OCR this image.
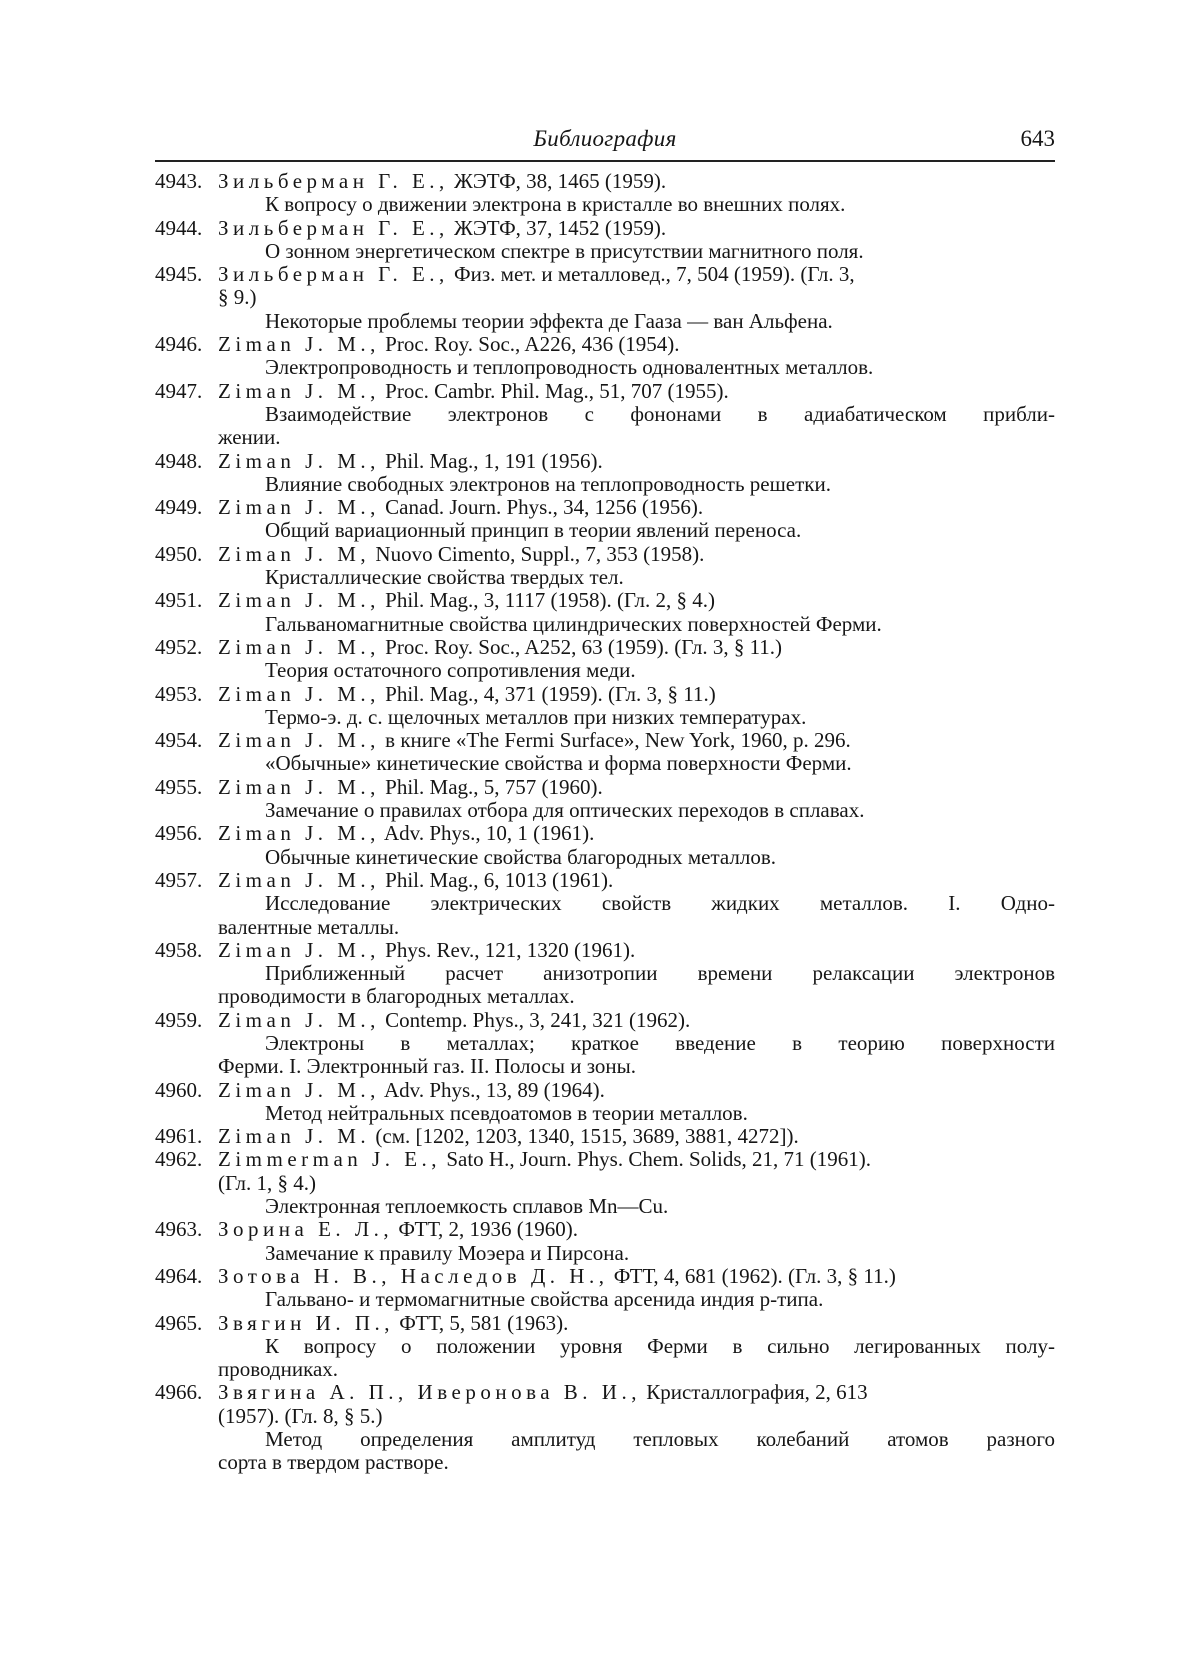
Библиография	643
4943. Зильберман Г. Е., ЖЭТФ, 38, 1465 (1959).
К вопросу о движении электрона в кристалле во внешних полях.
4944. Зильберман Г. Е., ЖЭТФ, 37, 1452 (1959).
О зонном энергетическом спектре в присутствии магнитного поля.
4945. Зильберман Г. Е., Физ. мет. и металловед., 7, 504 (1959). (Гл. 3,
§ 9.)
Некоторые проблемы теории эффекта де Гааза — ван Альфена.
4946. Ziman J. M., Proc. Roy. Soc., A226, 436 (1954).
Электропроводность и теплопроводность одновалентных металлов.
4947. Ziman J. M., Proc. Cambr. Phil. Mag., 51, 707 (1955).
Взаимодействие электронов с фононами в адиабатическом прибли-
жении.
4948. Ziman J. M., Phil. Mag., 1, 191 (1956).
Влияние свободных электронов на теплопроводность решетки.
4949. Ziman J. M., Canad. Journ. Phys., 34, 1256 (1956).
Общий вариационный принцип в теории явлений переноса.
4950. Ziman J. M, Nuovo Cimento, Suppl., 7, 353 (1958).
Кристаллические свойства твердых тел.
4951. Ziman J. M., Phil. Mag., 3, 1117 (1958). (Гл. 2, § 4.)
Гальваномагнитные свойства цилиндрических поверхностей Ферми.
4952. Ziman J. M., Proc. Roy. Soc., A252, 63 (1959). (Гл. 3, § 11.)
Теория остаточного сопротивления меди.
4953. Ziman J. M., Phil. Mag., 4, 371 (1959). (Гл. 3, § 11.)
Термо-э. д. с. щелочных металлов при низких температурах.
4954. Ziman J. M., в книге «The Fermi Surface», New York, 1960, p. 296.
«Обычные» кинетические свойства и форма поверхности Ферми.
4955. Ziman J. M., Phil. Mag., 5, 757 (1960).
Замечание о правилах отбора для оптических переходов в сплавах.
4956. Ziman J. M., Adv. Phys., 10, 1 (1961).
Обычные кинетические свойства благородных металлов.
4957. Ziman J. M., Phil. Mag., 6, 1013 (1961).
Исследование электрических свойств жидких металлов. I. Одно-
валентные металлы.
4958. Ziman J. M., Phys. Rev., 121, 1320 (1961).
Приближенный расчет анизотропии времени релаксации электронов
проводимости в благородных металлах.
4959. Ziman J. M., Contemp. Phys., 3, 241, 321 (1962).
Электроны в металлах; краткое введение в теорию поверхности
Ферми. I. Электронный газ. II. Полосы и зоны.
4960. Ziman J. M., Adv. Phys., 13, 89 (1964).
Метод нейтральных псевдоатомов в теории металлов.
4961. Ziman J. M. (см. [1202, 1203, 1340, 1515, 3689, 3881, 4272]).
4962. Zimmerman J. E., Sato H., Journ. Phys. Chem. Solids, 21, 71 (1961).
(Гл. 1, § 4.)
Электронная теплоемкость сплавов Mn—Cu.
4963. Зорина Е. Л., ФТТ, 2, 1936 (1960).
Замечание к правилу Моэера и Пирсона.
4964. Зотова Н. В., Наследов Д. Н., ФТТ, 4, 681 (1962). (Гл. 3, § 11.)
Гальвано- и термомагнитные свойства арсенида индия p-типа.
4965. Звягин И. П., ФТТ, 5, 581 (1963).
К вопросу о положении уровня Ферми в сильно легированных полу-
проводниках.
4966. Звягина А. П., Иверонова В. И., Кристаллография, 2, 613
(1957). (Гл. 8, § 5.)
Метод определения амплитуд тепловых колебаний атомов разного
сорта в твердом растворе.
